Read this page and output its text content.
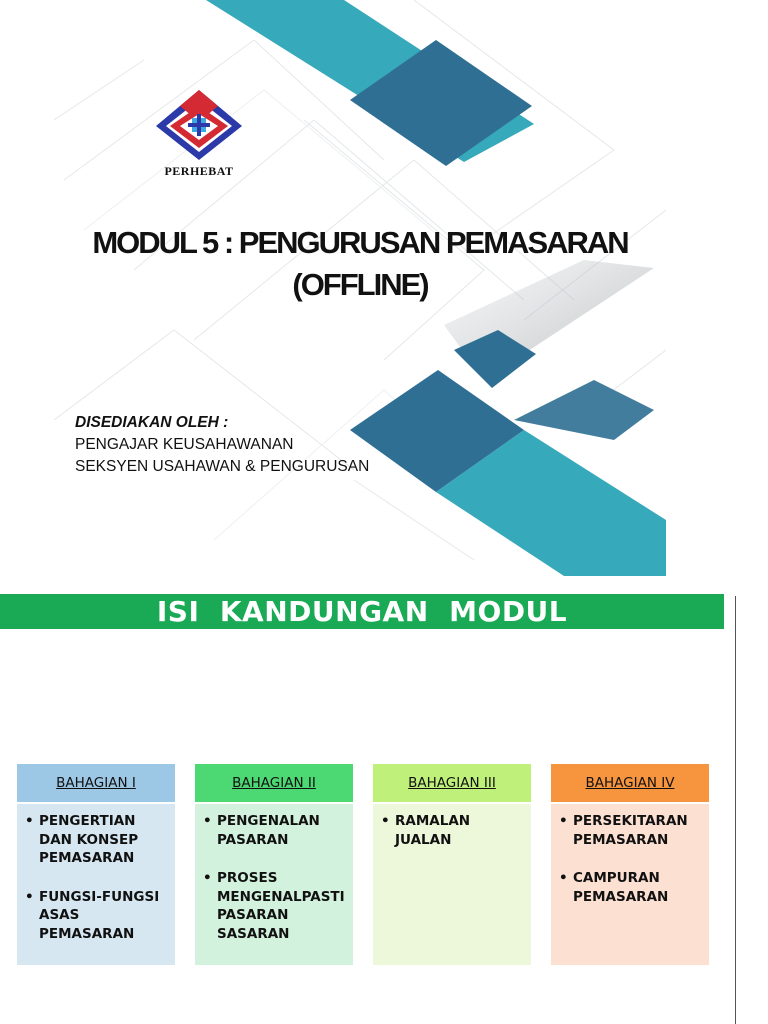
PERHEBAT
MODUL 5 : PENGURUSAN PEMASARAN
(OFFLINE)
DISEDIAKAN OLEH :
PENGAJAR KEUSAHAWANAN
SEKSYEN USAHAWAN & PENGURUSAN
ISI  KANDUNGAN  MODUL
BAHAGIAN I
• PENGERTIAN
DAN KONSEP
PEMASARAN
• FUNGSI-FUNGSI
ASAS
PEMASARAN
BAHAGIAN II
• PENGENALAN
PASARAN
• PROSES
MENGENALPASTI
PASARAN
SASARAN
BAHAGIAN III
• RAMALAN
JUALAN
BAHAGIAN IV
• PERSEKITARAN
PEMASARAN
• CAMPURAN
PEMASARAN
